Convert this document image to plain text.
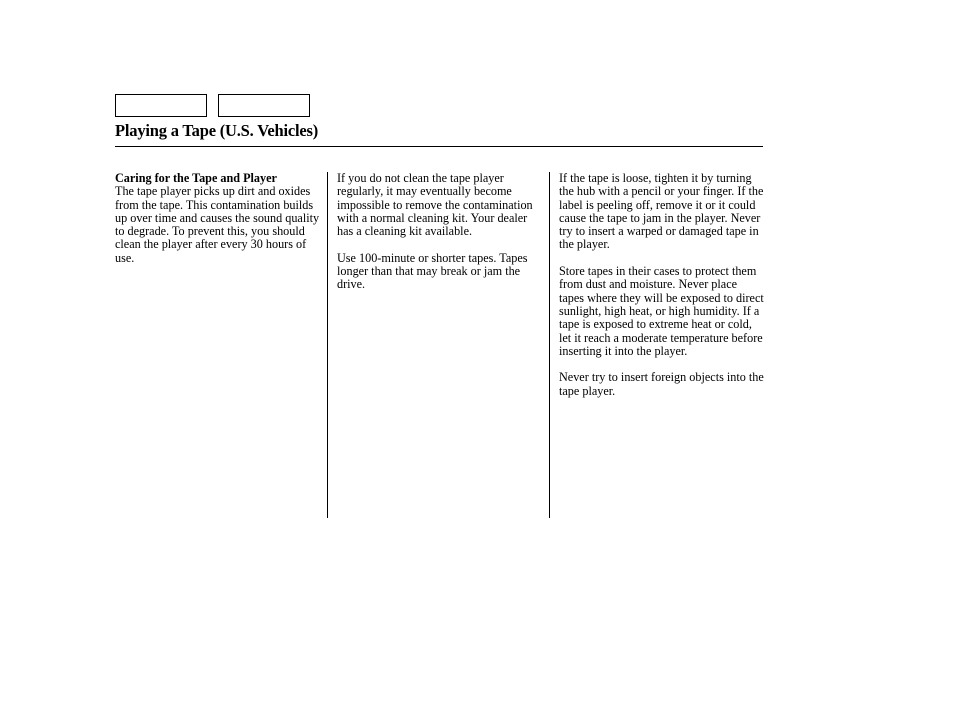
Playing a Tape (U.S. Vehicles)

Caring for the Tape and Player
The tape player picks up dirt and oxides from the tape. This contamination builds up over time and causes the sound quality to degrade. To prevent this, you should clean the player after every 30 hours of use.

If you do not clean the tape player regularly, it may eventually become impossible to remove the contamination with a normal cleaning kit. Your dealer has a cleaning kit available.

Use 100-minute or shorter tapes. Tapes longer than that may break or jam the drive.

If the tape is loose, tighten it by turning the hub with a pencil or your finger. If the label is peeling off, remove it or it could cause the tape to jam in the player. Never try to insert a warped or damaged tape in the player.

Store tapes in their cases to protect them from dust and moisture. Never place tapes where they will be exposed to direct sunlight, high heat, or high humidity. If a tape is exposed to extreme heat or cold, let it reach a moderate temperature before inserting it into the player.

Never try to insert foreign objects into the tape player.
